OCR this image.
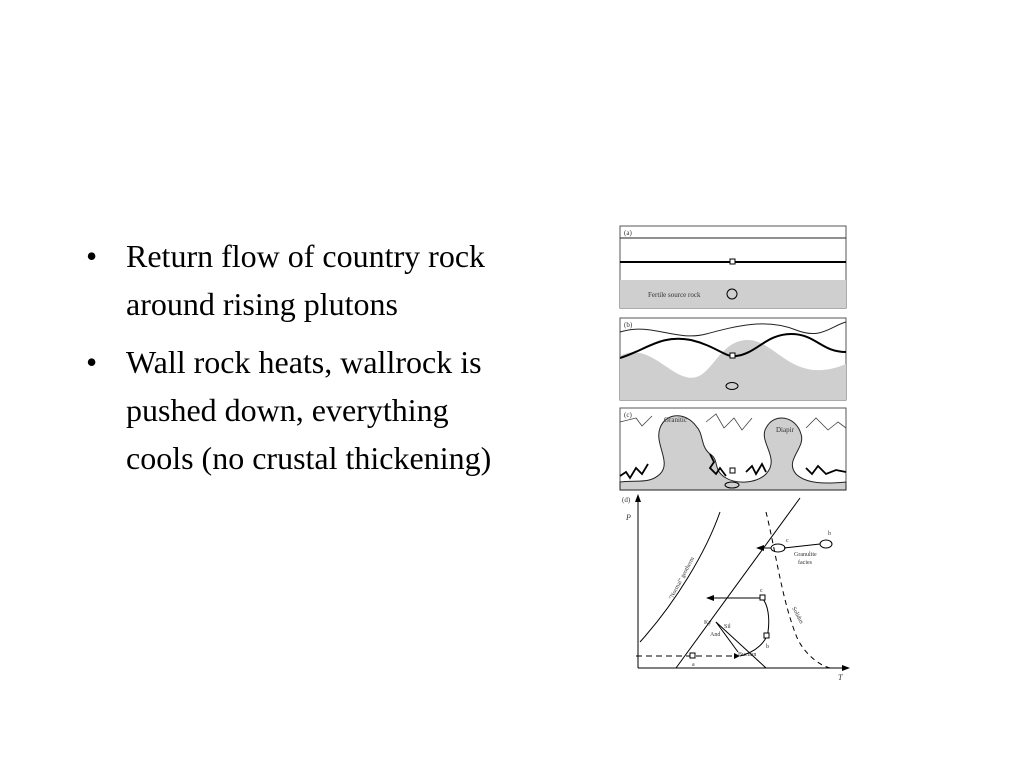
• Return flow of country rock around rising plutons
• Wall rock heats, wallrock is pushed down, everything cools (no crustal thickening)
(a)
Fertile source rock
(b)
(c)
Granitic
Diapir
(d)
P
T
"Normal" geotherm
a
Ky
Sil
And
Buchan
b
c
Solidus
b
c
Granulite
facies
